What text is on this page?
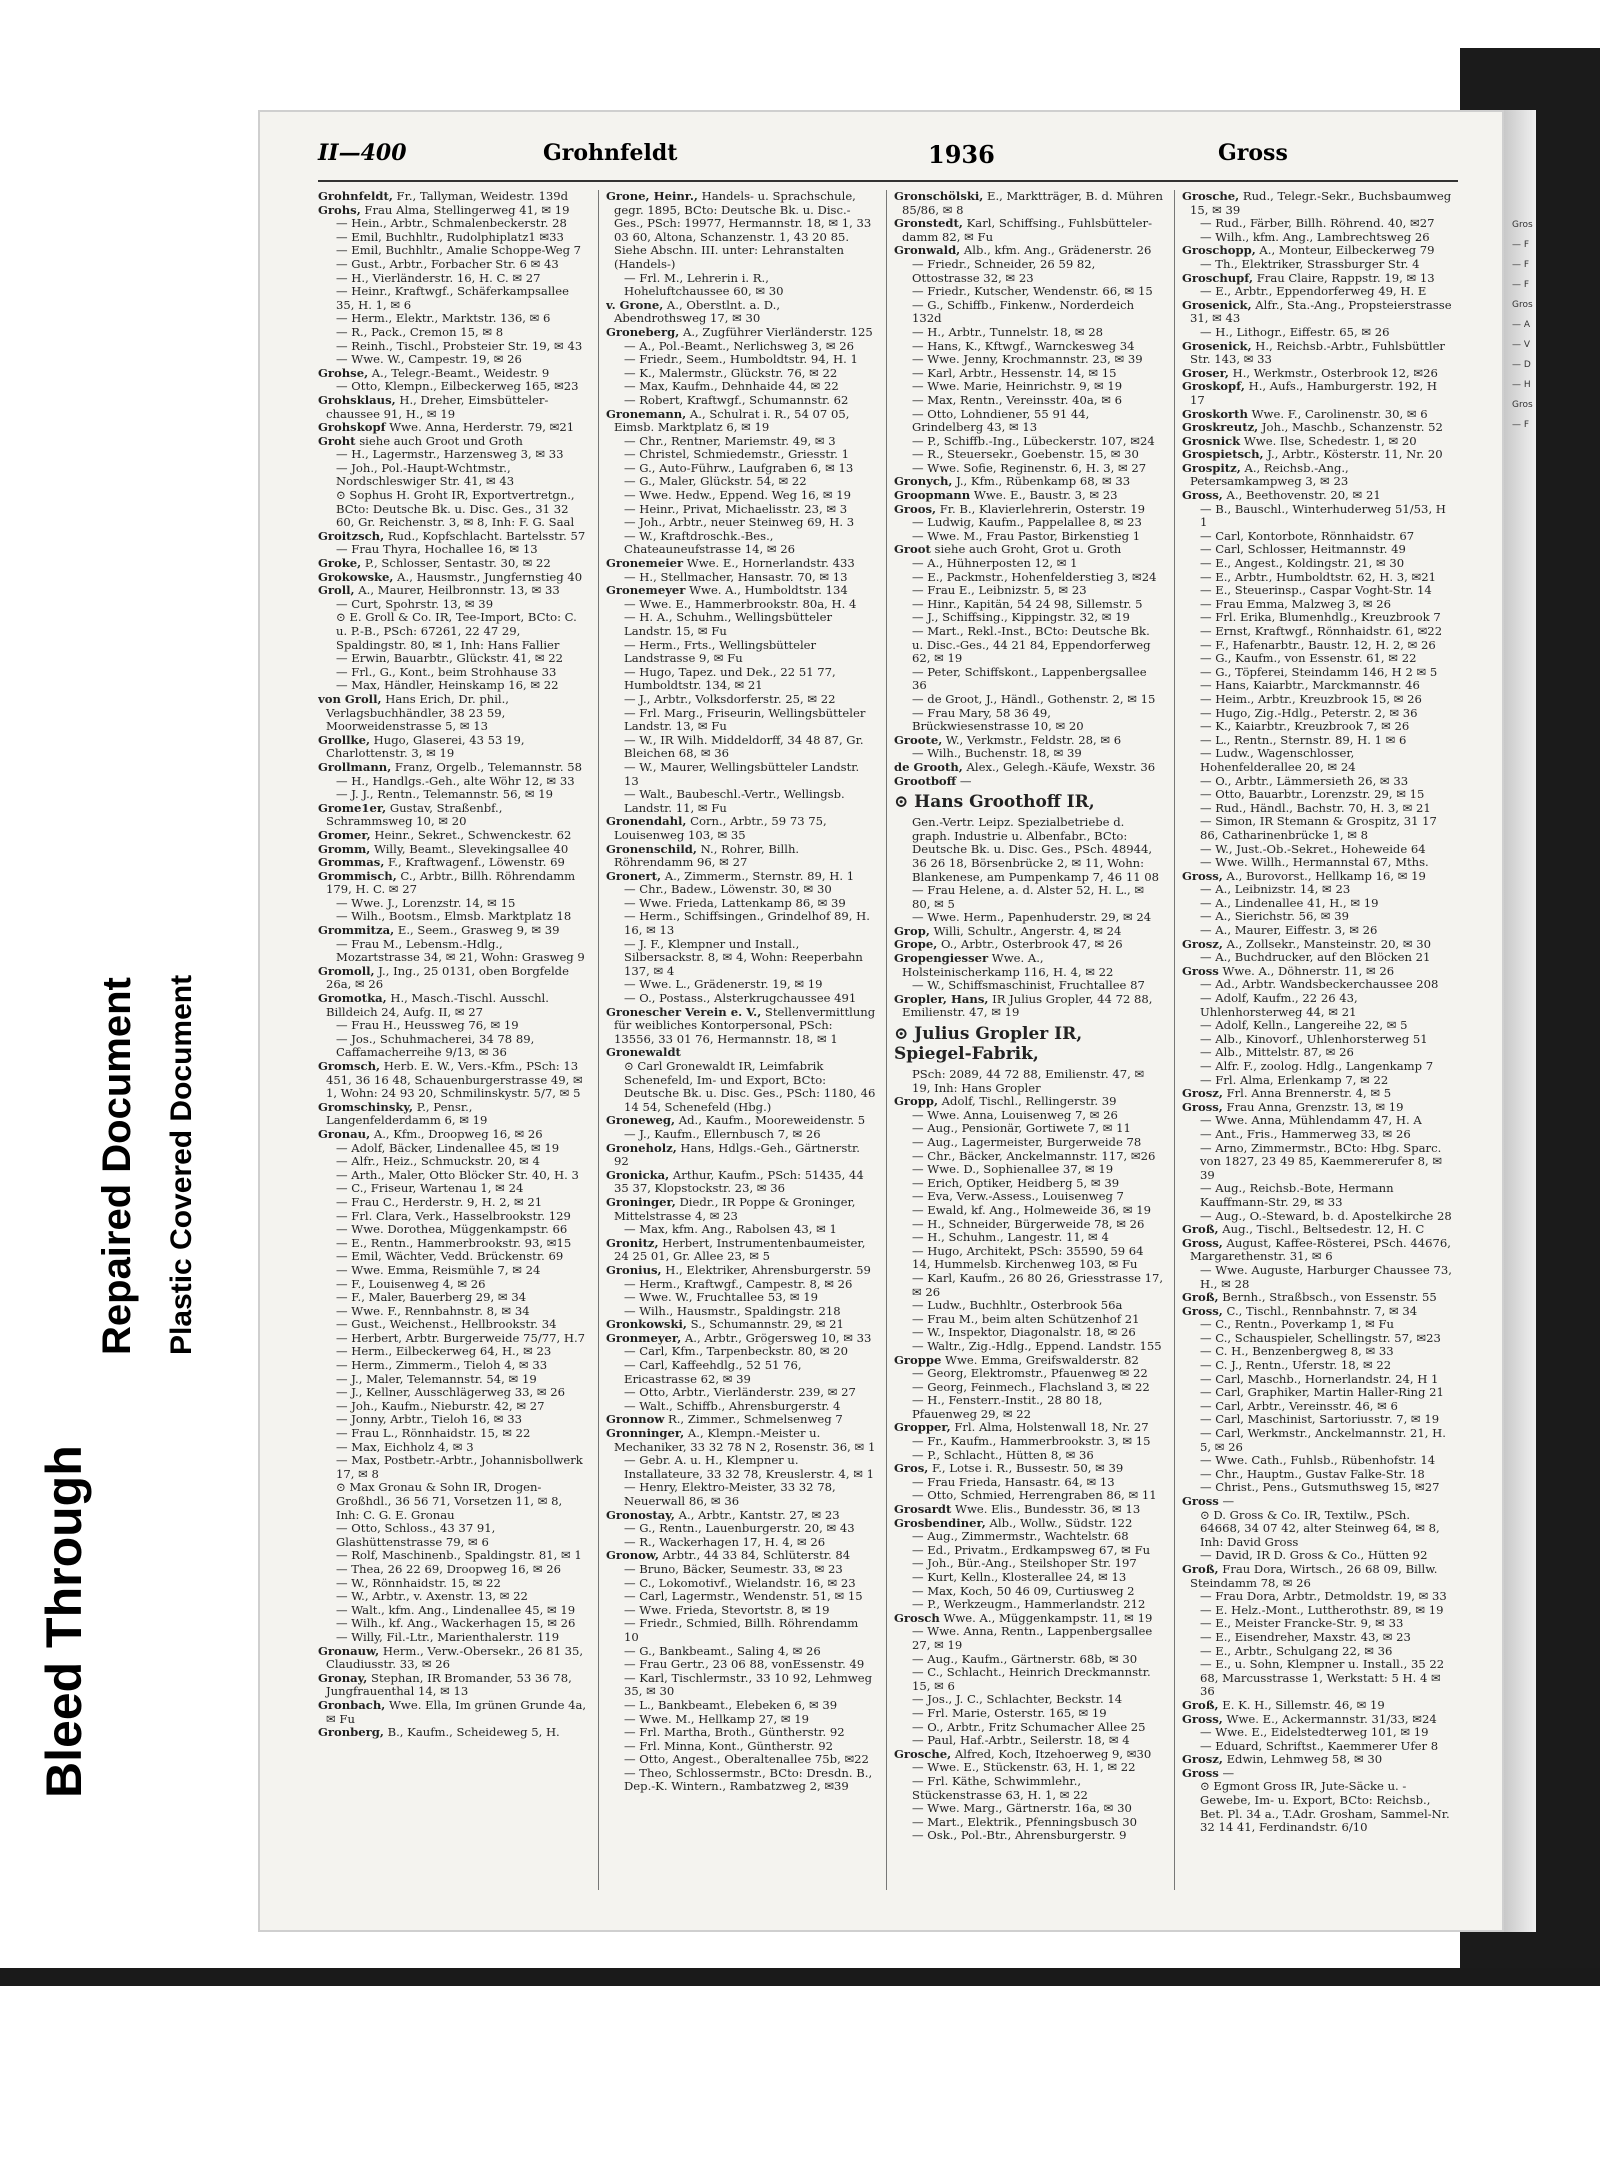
Bleed Through
Repaired Document Plastic Covered Document
II—400	Grohnfeldt	1936	Gross
Grohnfeldt, Fr., Tallyman, Weidestr. 139d
Grohs, Frau Alma, Stellingerweg 41, ✉ 19
— Hein., Arbtr., Schmalenbeckerstr. 28
— Emil, Buchhltr., Rudolphiplatz1 ✉33
— Emil, Buchhltr., Amalie Schoppe-Weg 7
— Gust., Arbtr., Forbacher Str. 6 ✉ 43
— H., Vierländerstr. 16, H. C. ✉ 27
— Heinr., Kraftwgf., Schäferkampsallee 35, H. 1, ✉ 6
— Herm., Elektr., Marktstr. 136, ✉ 6
— R., Pack., Cremon 15, ✉ 8
— Reinh., Tischl., Probsteier Str. 19, ✉ 43
— Wwe. W., Campestr. 19, ✉ 26
Grohse, A., Telegr.-Beamt., Weidestr. 9
— Otto, Klempn., Eilbeckerweg 165, ✉23
Grohsklaus, H., Dreher, Eimsbütteler-chaussee 91, H., ✉ 19
Grohskopf Wwe. Anna, Herderstr. 79, ✉21
Groht siehe auch Groot und Groth
— H., Lagermstr., Harzensweg 3, ✉ 33
— Joh., Pol.-Haupt-Wchtmstr., Nordschleswiger Str. 41, ✉ 43
⊙ Sophus H. Groht IR, Exportvertretgn., BCto: Deutsche Bk. u. Disc. Ges., 31 32 60, Gr. Reichenstr. 3, ✉ 8, Inh: F. G. Saal
Groitzsch, Rud., Kopfschlacht. Bartelsstr. 57
— Frau Thyra, Hochallee 16, ✉ 13
Groke, P., Schlosser, Sentastr. 30, ✉ 22
Grokowske, A., Hausmstr., Jungfernstieg 40
Groll, A., Maurer, Heilbronnstr. 13, ✉ 33
— Curt, Spohrstr. 13, ✉ 39
⊙ E. Groll & Co. IR, Tee-Import, BCto: C. u. P.-B., PSch: 67261, 22 47 29, Spaldingstr. 80, ✉ 1, Inh: Hans Fallier
— Erwin, Bauarbtr., Glückstr. 41, ✉ 22
— Frl., G., Kont., beim Strohhause 33
— Max, Händler, Heinskamp 16, ✉ 22
von Groll, Hans Erich, Dr. phil., Verlagsbuchhändler, 38 23 59, Moorweidenstrasse 5, ✉ 13
Grollke, Hugo, Glaserei, 43 53 19, Charlottenstr. 3, ✉ 19
Grollmann, Franz, Orgelb., Telemannstr. 58
— H., Handlgs.-Geh., alte Wöhr 12, ✉ 33
— J. J., Rentn., Telemannstr. 56, ✉ 19
Grome1er, Gustav, Straßenbf., Schrammsweg 10, ✉ 20
Gromer, Heinr., Sekret., Schwenckestr. 62
Gromm, Willy, Beamt., Slevekingsallee 40
Grommas, F., Kraftwagenf., Löwenstr. 69
Grommisch, C., Arbtr., Billh. Röhrendamm 179, H. C. ✉ 27
— Wwe. J., Lorenzstr. 14, ✉ 15
— Wilh., Bootsm., Elmsb. Marktplatz 18
Grommitza, E., Seem., Grasweg 9, ✉ 39
— Frau M., Lebensm.-Hdlg., Mozartstrasse 34, ✉ 21, Wohn: Grasweg 9
Gromoll, J., Ing., 25 0131, oben Borgfelde 26a, ✉ 26
Gromotka, H., Masch.-Tischl. Ausschl. Billdeich 24, Aufg. II, ✉ 27
— Frau H., Heussweg 76, ✉ 19
— Jos., Schuhmacherei, 34 78 89, Caffamacherreihe 9/13, ✉ 36
Gromsch, Herb. E. W., Vers.-Kfm., PSch: 13 451, 36 16 48, Schauenburgerstrasse 49, ✉ 1, Wohn: 24 93 20, Schmilinskystr. 5/7, ✉ 5
Gromschinsky, P., Pensr., Langenfelderdamm 6, ✉ 19
Gronau, A., Kfm., Droopweg 16, ✉ 26
— Adolf, Bäcker, Lindenallee 45, ✉ 19
— Alfr., Heiz., Schmuckstr. 20, ✉ 4
— Arth., Maler, Otto Blöcker Str. 40, H. 3
— C., Friseur, Wartenau 1, ✉ 24
— Frau C., Herderstr. 9, H. 2, ✉ 21
— Frl. Clara, Verk., Hasselbrookstr. 129
— Wwe. Dorothea, Müggenkampstr. 66
— E., Rentn., Hammerbrookstr. 93, ✉15
— Emil, Wächter, Vedd. Brückenstr. 69
— Wwe. Emma, Reismühle 7, ✉ 24
— F., Louisenweg 4, ✉ 26
— F., Maler, Bauerberg 29, ✉ 34
— Wwe. F., Rennbahnstr. 8, ✉ 34
— Gust., Weichenst., Hellbrookstr. 34
— Herbert, Arbtr. Burgerweide 75/77, H.7
— Herm., Eilbeckerweg 64, H., ✉ 23
— Herm., Zimmerm., Tieloh 4, ✉ 33
— J., Maler, Telemannstr. 54, ✉ 19
— J., Kellner, Ausschlägerweg 33, ✉ 26
— Joh., Kaufm., Nieburstr. 42, ✉ 27
— Jonny, Arbtr., Tieloh 16, ✉ 33
— Frau L., Rönnhaidstr. 15, ✉ 22
— Max, Eichholz 4, ✉ 3
— Max, Postbetr.-Arbtr., Johannisbollwerk 17, ✉ 8
⊙ Max Gronau & Sohn IR, Drogen-Großhdl., 36 56 71, Vorsetzen 11, ✉ 8, Inh: C. G. E. Gronau
— Otto, Schloss., 43 37 91, Glashüttenstrasse 79, ✉ 6
— Rolf, Maschinenb., Spaldingstr. 81, ✉ 1
— Thea, 26 22 69, Droopweg 16, ✉ 26
— W., Rönnhaidstr. 15, ✉ 22
— W., Arbtr., v. Axenstr. 13, ✉ 22
— Walt., kfm. Ang., Lindenallee 45, ✉ 19
— Wilh., kf. Ang., Wackerhagen 15, ✉ 26
— Willy, Fil.-Ltr., Marienthalerstr. 119
Gronauw, Herm., Verw.-Obersekr., 26 81 35, Claudiusstr. 33, ✉ 26
Gronay, Stephan, IR Bromander, 53 36 78, Jungfrauenthal 14, ✉ 13
Gronbach, Wwe. Ella, Im grünen Grunde 4a, ✉ Fu
Gronberg, B., Kaufm., Scheideweg 5, H.
Grone, Heinr., Handels- u. Sprachschule, gegr. 1895, BCto: Deutsche Bk. u. Disc.-Ges., PSch: 19977, Hermannstr. 18, ✉ 1, 33 03 60, Altona, Schanzenstr. 1, 43 20 85. Siehe Abschn. III. unter: Lehranstalten (Handels-)
— Frl. M., Lehrerin i. R., Hoheluftchaussee 60, ✉ 30
v. Grone, A., Oberstlnt. a. D., Abendrothsweg 17, ✉ 30
Groneberg, A., Zugführer Vierländerstr. 125
— A., Pol.-Beamt., Nerlichsweg 3, ✉ 26
— Friedr., Seem., Humboldtstr. 94, H. 1
— K., Malermstr., Glückstr. 76, ✉ 22
— Max, Kaufm., Dehnhaide 44, ✉ 22
— Robert, Kraftwgf., Schumannstr. 62
Gronemann, A., Schulrat i. R., 54 07 05, Eimsb. Marktplatz 6, ✉ 19
— Chr., Rentner, Mariemstr. 49, ✉ 3
— Christel, Schmiedemstr., Griesstr. 1
— G., Auto-Führw., Laufgraben 6, ✉ 13
— G., Maler, Glückstr. 54, ✉ 22
— Wwe. Hedw., Eppend. Weg 16, ✉ 19
— Heinr., Privat, Michaelisstr. 23, ✉ 3
— Joh., Arbtr., neuer Steinweg 69, H. 3
— W., Kraftdroschk.-Bes., Chateauneufstrasse 14, ✉ 26
Gronemeier Wwe. E., Hornerlandstr. 433
— H., Stellmacher, Hansastr. 70, ✉ 13
Gronemeyer Wwe. A., Humboldtstr. 134
— Wwe. E., Hammerbrookstr. 80a, H. 4
— H. A., Schuhm., Wellingsbütteler Landstr. 15, ✉ Fu
— Herm., Frts., Wellingsbütteler Landstrasse 9, ✉ Fu
— Hugo, Tapez. und Dek., 22 51 77, Humboldtstr. 134, ✉ 21
— J., Arbtr., Volksdorferstr. 25, ✉ 22
— Frl. Marg., Friseurin, Wellingsbütteler Landstr. 13, ✉ Fu
— W., IR Wilh. Middeldorff, 34 48 87, Gr. Bleichen 68, ✉ 36
— W., Maurer, Wellingsbütteler Landstr. 13
— Walt., Baubeschl.-Vertr., Wellingsb. Landstr. 11, ✉ Fu
Gronendahl, Corn., Arbtr., 59 73 75, Louisenweg 103, ✉ 35
Gronenschild, N., Rohrer, Billh. Röhrendamm 96, ✉ 27
Gronert, A., Zimmerm., Sternstr. 89, H. 1
— Chr., Badew., Löwenstr. 30, ✉ 30
— Wwe. Frieda, Lattenkamp 86, ✉ 39
— Herm., Schiffsingen., Grindelhof 89, H. 16, ✉ 13
— J. F., Klempner und Install., Silbersackstr. 8, ✉ 4, Wohn: Reeperbahn 137, ✉ 4
— Wwe. L., Grädenerstr. 19, ✉ 19
— O., Postass., Alsterkrugchaussee 491
Gronescher Verein e. V., Stellenvermittlung für weibliches Kontorpersonal, PSch: 13556, 33 01 76, Hermannstr. 18, ✉ 1
Gronewaldt
⊙ Carl Gronewaldt IR, Leimfabrik Schenefeld, Im- und Export, BCto: Deutsche Bk. u. Disc. Ges., PSch: 1180, 46 14 54, Schenefeld (Hbg.)
Groneweg, Ad., Kaufm., Mooreweidenstr. 5
— J., Kaufm., Ellernbusch 7, ✉ 26
Groneholz, Hans, Hdlgs.-Geh., Gärtnerstr. 92
Gronicka, Arthur, Kaufm., PSch: 51435, 44 35 37, Klopstockstr. 23, ✉ 36
Groninger, Diedr., IR Poppe & Groninger, Mittelstrasse 4, ✉ 23
— Max, kfm. Ang., Rabolsen 43, ✉ 1
Gronitz, Herbert, Instrumentenbaumeister, 24 25 01, Gr. Allee 23, ✉ 5
Gronius, H., Elektriker, Ahrensburgerstr. 59
— Herm., Kraftwgf., Campestr. 8, ✉ 26
— Wwe. W., Fruchtallee 53, ✉ 19
— Wilh., Hausmstr., Spaldingstr. 218
Gronkowski, S., Schumannstr. 29, ✉ 21
Gronmeyer, A., Arbtr., Grögersweg 10, ✉ 33
— Carl, Kfm., Tarpenbeckstr. 80, ✉ 20
— Carl, Kaffeehdlg., 52 51 76, Ericastrasse 62, ✉ 39
— Otto, Arbtr., Vierländerstr. 239, ✉ 27
— Walt., Schiffb., Ahrensburgerstr. 4
Gronnow R., Zimmer., Schmelsenweg 7
Gronninger, A., Klempn.-Meister u. Mechaniker, 33 32 78 N 2, Rosenstr. 36, ✉ 1
— Gebr. A. u. H., Klempner u. Installateure, 33 32 78, Kreuslerstr. 4, ✉ 1
— Henry, Elektro-Meister, 33 32 78, Neuerwall 86, ✉ 36
Gronostay, A., Arbtr., Kantstr. 27, ✉ 23
— G., Rentn., Lauenburgerstr. 20, ✉ 43
— R., Wackerhagen 17, H. 4, ✉ 26
Gronow, Arbtr., 44 33 84, Schlüterstr. 84
— Bruno, Bäcker, Seumestr. 33, ✉ 23
— C., Lokomotivf., Wielandstr. 16, ✉ 23
— Carl, Lagermstr., Wendenstr. 51, ✉ 15
— Wwe. Frieda, Stevortstr. 8, ✉ 19
— Friedr., Schmied, Billh. Röhrendamm 10
— G., Bankbeamt., Saling 4, ✉ 26
— Frau Gertr., 23 06 88, vonEssenstr. 49
— Karl, Tischlermstr., 33 10 92, Lehmweg 35, ✉ 30
— L., Bankbeamt., Elebeken 6, ✉ 39
— Wwe. M., Hellkamp 27, ✉ 19
— Frl. Martha, Broth., Güntherstr. 92
— Frl. Minna, Kont., Güntherstr. 92
— Otto, Angest., Oberaltenallee 75b, ✉22
— Theo, Schlossermstr., BCto: Dresdn. B., Dep.-K. Wintern., Rambatzweg 2, ✉39
Gronschölski, E., Marktträger, B. d. Mühren 85/86, ✉ 8
Gronstedt, Karl, Schiffsing., Fuhlsbütteler-damm 82, ✉ Fu
Gronwald, Alb., kfm. Ang., Grädenerstr. 26
— Friedr., Schneider, 26 59 82, Ottostrasse 32, ✉ 23
— Friedr., Kutscher, Wendenstr. 66, ✉ 15
— G., Schiffb., Finkenw., Norderdeich 132d
— H., Arbtr., Tunnelstr. 18, ✉ 28
— Hans, K., Kftwgf., Warnckesweg 34
— Wwe. Jenny, Krochmannstr. 23, ✉ 39
— Karl, Arbtr., Hessenstr. 14, ✉ 15
— Wwe. Marie, Heinrichstr. 9, ✉ 19
— Max, Rentn., Vereinsstr. 40a, ✉ 6
— Otto, Lohndiener, 55 91 44, Grindelberg 43, ✉ 13
— P., Schiffb.-Ing., Lübeckerstr. 107, ✉24
— R., Steuersekr., Goebenstr. 15, ✉ 30
— Wwe. Sofie, Reginenstr. 6, H. 3, ✉ 27
Gronych, J., Kfm., Rübenkamp 68, ✉ 33
Groopmann Wwe. E., Baustr. 3, ✉ 23
Groos, Fr. B., Klavierlehrerin, Osterstr. 19
— Ludwig, Kaufm., Pappelallee 8, ✉ 23
— Wwe. M., Frau Pastor, Birkenstieg 1
Groot siehe auch Groht, Grot u. Groth
— A., Hühnerposten 12, ✉ 1
— E., Packmstr., Hohenfelderstieg 3, ✉24
— Frau E., Leibnizstr. 5, ✉ 23
— Hinr., Kapitän, 54 24 98, Sillemstr. 5
— J., Schiffsing., Kippingstr. 32, ✉ 19
— Mart., Rekl.-Inst., BCto: Deutsche Bk. u. Disc.-Ges., 44 21 84, Eppendorferweg 62, ✉ 19
— Peter, Schiffskont., Lappenbergsallee 36
— de Groot, J., Händl., Gothenstr. 2, ✉ 15
— Frau Mary, 58 36 49, Brückwiesenstrasse 10, ✉ 20
Groote, W., Verkmstr., Feldstr. 28, ✉ 6
— Wilh., Buchenstr. 18, ✉ 39
de Grooth, Alex., Gelegh.-Käufe, Wexstr. 36
Grootboff —
⊙ Hans Groothoff IR,
Gen.-Vertr. Leipz. Spezialbetriebe d. graph. Industrie u. Albenfabr., BCto: Deutsche Bk. u. Disc. Ges., PSch. 48944, 36 26 18, Börsenbrücke 2, ✉ 11, Wohn: Blankenese, am Pumpenkamp 7, 46 11 08
— Frau Helene, a. d. Alster 52, H. L., ✉ 80, ✉ 5
— Wwe. Herm., Papenhuderstr. 29, ✉ 24
Grop, Willi, Schultr., Angerstr. 4, ✉ 24
Grope, O., Arbtr., Osterbrook 47, ✉ 26
Gropengiesser Wwe. A., Holsteinischerkamp 116, H. 4, ✉ 22
— W., Schiffsmaschinist, Fruchtallee 87
Gropler, Hans, IR Julius Gropler, 44 72 88, Emilienstr. 47, ✉ 19
⊙ Julius Gropler IR, Spiegel-Fabrik,
PSch: 2089, 44 72 88, Emilienstr. 47, ✉ 19, Inh: Hans Gropler
Gropp, Adolf, Tischl., Rellingerstr. 39
— Wwe. Anna, Louisenweg 7, ✉ 26
— Aug., Pensionär, Gortiwete 7, ✉ 11
— Aug., Lagermeister, Burgerweide 78
— Chr., Bäcker, Anckelmannstr. 117, ✉26
— Wwe. D., Sophienallee 37, ✉ 19
— Erich, Optiker, Heidberg 5, ✉ 39
— Eva, Verw.-Assess., Louisenweg 7
— Ewald, kf. Ang., Holmeweide 36, ✉ 19
— H., Schneider, Bürgerweide 78, ✉ 26
— H., Schuhm., Langestr. 11, ✉ 4
— Hugo, Architekt, PSch: 35590, 59 64 14, Hummelsb. Kirchenweg 103, ✉ Fu
— Karl, Kaufm., 26 80 26, Griesstrasse 17, ✉ 26
— Ludw., Buchhltr., Osterbrook 56a
— Frau M., beim alten Schützenhof 21
— W., Inspektor, Diagonalstr. 18, ✉ 26
— Waltr., Zig.-Hdlg., Eppend. Landstr. 155
Groppe Wwe. Emma, Greifswalderstr. 82
— Georg, Elektromstr., Pfauenweg ✉ 22
— Georg, Feinmech., Flachsland 3, ✉ 22
— H., Fensterr.-Instit., 28 80 18, Pfauenweg 29, ✉ 22
Gropper, Frl. Alma, Holstenwall 18, Nr. 27
— Fr., Kaufm., Hammerbrookstr. 3, ✉ 15
— P., Schlacht., Hütten 8, ✉ 36
Gros, F., Lotse i. R., Bussestr. 50, ✉ 39
— Frau Frieda, Hansastr. 64, ✉ 13
— Otto, Schmied, Herrengraben 86, ✉ 11
Grosardt Wwe. Elis., Bundesstr. 36, ✉ 13
Grosbendiner, Alb., Wollw., Südstr. 122
— Aug., Zimmermstr., Wachtelstr. 68
— Ed., Privatm., Erdkampsweg 67, ✉ Fu
— Joh., Bür.-Ang., Steilshoper Str. 197
— Kurt, Kelln., Klosterallee 24, ✉ 13
— Max, Koch, 50 46 09, Curtiusweg 2
— P., Werkzeugm., Hammerlandstr. 212
Grosch Wwe. A., Müggenkampstr. 11, ✉ 19
— Wwe. Anna, Rentn., Lappenbergsallee 27, ✉ 19
— Aug., Kaufm., Gärtnerstr. 68b, ✉ 30
— C., Schlacht., Heinrich Dreckmannstr. 15, ✉ 6
— Jos., J. C., Schlachter, Beckstr. 14
— Frl. Marie, Osterstr. 165, ✉ 19
— O., Arbtr., Fritz Schumacher Allee 25
— Paul, Haf.-Arbtr., Seilerstr. 18, ✉ 4
Grosche, Alfred, Koch, Itzehoerweg 9, ✉30
— Wwe. E., Stückenstr. 63, H. 1, ✉ 22
— Frl. Käthe, Schwimmlehr., Stückenstrasse 63, H. 1, ✉ 22
— Wwe. Marg., Gärtnerstr. 16a, ✉ 30
— Mart., Elektrik., Pfenningsbusch 30
— Osk., Pol.-Btr., Ahrensburgerstr. 9
Grosche, Rud., Telegr.-Sekr., Buchsbaumweg 15, ✉ 39
— Rud., Färber, Billh. Röhrend. 40, ✉27
— Wilh., kfm. Ang., Lambrechtsweg 26
Groschopp, A., Monteur, Eilbeckerweg 79
— Th., Elektriker, Strassburger Str. 4
Groschupf, Frau Claire, Rappstr. 19, ✉ 13
— E., Arbtr., Eppendorferweg 49, H. E
Grosenick, Alfr., Sta.-Ang., Propsteierstrasse 31, ✉ 43
— H., Lithogr., Eiffestr. 65, ✉ 26
Grosenick, H., Reichsb.-Arbtr., Fuhlsbüttler Str. 143, ✉ 33
Groser, H., Werkmstr., Osterbrook 12, ✉26
Groskopf, H., Aufs., Hamburgerstr. 192, H 17
Groskorth Wwe. F., Carolinenstr. 30, ✉ 6
Groskreutz, Joh., Maschb., Schanzenstr. 52
Grosnick Wwe. Ilse, Schedestr. 1, ✉ 20
Grospietsch, J., Arbtr., Kösterstr. 11, Nr. 20
Grospitz, A., Reichsb.-Ang., Petersamkampweg 3, ✉ 23
Gross, A., Beethovenstr. 20, ✉ 21
— B., Bauschl., Winterhuderweg 51/53, H 1
— Carl, Kontorbote, Rönnhaidstr. 67
— Carl, Schlosser, Heitmannstr. 49
— E., Angest., Koldingstr. 21, ✉ 30
— E., Arbtr., Humboldtstr. 62, H. 3, ✉21
— E., Steuerinsp., Caspar Voght-Str. 14
— Frau Emma, Malzweg 3, ✉ 26
— Frl. Erika, Blumenhdlg., Kreuzbrook 7
— Ernst, Kraftwgf., Rönnhaidstr. 61, ✉22
— F., Hafenarbtr., Baustr. 12, H. 2, ✉ 26
— G., Kaufm., von Essenstr. 61, ✉ 22
— G., Töpferei, Steindamm 146, H 2 ✉ 5
— Hans, Kaiarbtr., Marckmannstr. 46
— Heim., Arbtr., Kreuzbrook 15, ✉ 26
— Hugo, Zig.-Hdlg., Peterstr. 2, ✉ 36
— K., Kaiarbtr., Kreuzbrook 7, ✉ 26
— L., Rentn., Sternstr. 89, H. 1 ✉ 6
— Ludw., Wagenschlosser, Hohenfelderallee 20, ✉ 24
— O., Arbtr., Lämmersieth 26, ✉ 33
— Otto, Bauarbtr., Lorenzstr. 29, ✉ 15
— Rud., Händl., Bachstr. 70, H. 3, ✉ 21
— Simon, IR Stemann & Grospitz, 31 17 86, Catharinenbrücke 1, ✉ 8
— W., Just.-Ob.-Sekret., Hoheweide 64
— Wwe. Willh., Hermannstal 67, Mths.
Gross, A., Burovorst., Hellkamp 16, ✉ 19
— A., Leibnizstr. 14, ✉ 23
— A., Lindenallee 41, H., ✉ 19
— A., Sierichstr. 56, ✉ 39
— A., Maurer, Eiffestr. 3, ✉ 26
Grosz, A., Zollsekr., Mansteinstr. 20, ✉ 30
— A., Buchdrucker, auf den Blöcken 21
Gross Wwe. A., Döhnerstr. 11, ✉ 26
— Ad., Arbtr. Wandsbeckerchaussee 208
— Adolf, Kaufm., 22 26 43, Uhlenhorsterweg 44, ✉ 21
— Adolf, Kelln., Langereihe 22, ✉ 5
— Alb., Kinovorf., Uhlenhorsterweg 51
— Alb., Mittelstr. 87, ✉ 26
— Alfr. F., zoolog. Hdlg., Langenkamp 7
— Frl. Alma, Erlenkamp 7, ✉ 22
Grosz, Frl. Anna Brennerstr. 4, ✉ 5
Gross, Frau Anna, Grenzstr. 13, ✉ 19
— Wwe. Anna, Mühlendamm 47, H. A
— Ant., Fris., Hammerweg 33, ✉ 26
— Arno, Zimmermstr., BCto: Hbg. Sparc. von 1827, 23 49 85, Kaemmererufer 8, ✉ 39
— Aug., Reichsb.-Bote, Hermann Kauffmann-Str. 29, ✉ 33
— Aug., O.-Steward, b. d. Apostelkirche 28
Groß, Aug., Tischl., Beltsedestr. 12, H. C
Gross, August, Kaffee-Rösterei, PSch. 44676, Margarethenstr. 31, ✉ 6
— Wwe. Auguste, Harburger Chaussee 73, H., ✉ 28
Groß, Bernh., Straßbsch., von Essenstr. 55
Gross, C., Tischl., Rennbahnstr. 7, ✉ 34
— C., Rentn., Poverkamp 1, ✉ Fu
— C., Schauspieler, Schellingstr. 57, ✉23
— C. H., Benzenbergweg 8, ✉ 33
— C. J., Rentn., Uferstr. 18, ✉ 22
— Carl, Maschb., Hornerlandstr. 24, H 1
— Carl, Graphiker, Martin Haller-Ring 21
— Carl, Arbtr., Vereinsstr. 46, ✉ 6
— Carl, Maschinist, Sartoriusstr. 7, ✉ 19
— Carl, Werkmstr., Anckelmannstr. 21, H. 5, ✉ 26
— Wwe. Cath., Fuhlsb., Rübenhofstr. 14
— Chr., Hauptm., Gustav Falke-Str. 18
— Christ., Pens., Gutsmuthsweg 15, ✉27
Gross —
⊙ D. Gross & Co. IR, Textilw., PSch. 64668, 34 07 42, alter Steinweg 64, ✉ 8, Inh: David Gross
— David, IR D. Gross & Co., Hütten 92
Groß, Frau Dora, Wirtsch., 26 68 09, Billw. Steindamm 78, ✉ 26
— Frau Dora, Arbtr., Detmoldstr. 19, ✉ 33
— E. Helz.-Mont., Luttherothstr. 89, ✉ 19
— E., Meister Francke-Str. 9, ✉ 33
— E., Eisendreher, Maxstr. 43, ✉ 23
— E., Arbtr., Schulgang 22, ✉ 36
— E., u. Sohn, Klempner u. Install., 35 22 68, Marcusstrasse 1, Werkstatt: 5 H. 4 ✉ 36
Groß, E. K. H., Sillemstr. 46, ✉ 19
Gross, Wwe. E., Ackermannstr. 31/33, ✉24
— Wwe. E., Eidelstedterweg 101, ✉ 19
— Eduard, Schriftst., Kaemmerer Ufer 8
Grosz, Edwin, Lehmweg 58, ✉ 30
Gross —
⊙ Egmont Gross IR, Jute-Säcke u. -Gewebe, Im- u. Export, BCto: Reichsb., Bet. Pl. 34 a., T.Adr. Grosham, Sammel-Nr. 32 14 41, Ferdinandstr. 6/10
Gros
— F
— F
— F
Gros
— A
— V
— D
— H
Gros
— F
